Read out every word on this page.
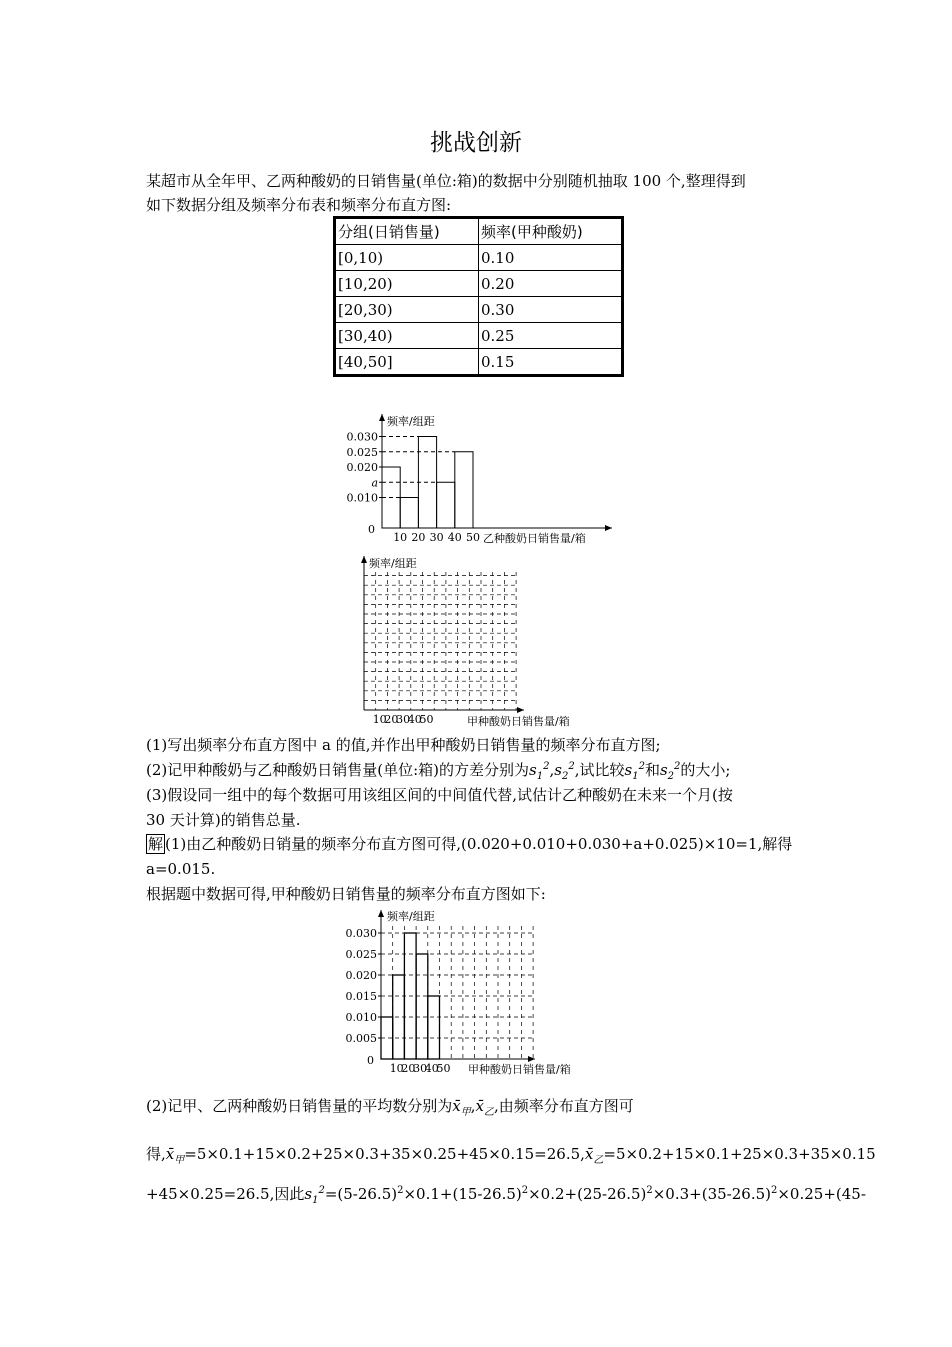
挑战创新
某超市从全年甲、乙两种酸奶的日销售量(单位:箱)的数据中分别随机抽取 100 个,整理得到
如下数据分组及频率分布表和频率分布直方图:
分组(日销售量)	频率(甲种酸奶)
[0,10)	0.10
[10,20)	0.20
[20,30)	0.30
[30,40)	0.25
[40,50]	0.15
频率/组距
0
0.030
0.025
0.020
a
0.010
10 20 30 40 50 乙种酸奶日销售量/箱
频率/组距
10
20
30
40
50	甲种酸奶日销售量/箱
(1)写出频率分布直方图中 a 的值,并作出甲种酸奶日销售量的频率分布直方图;
(2)记甲种酸奶与乙种酸奶日销售量(单位:箱)的方差分别为$s_1^2,s_2^2$,试比较$s_1^2$和$s_2^2$的大小;
(3)假设同一组中的每个数据可用该组区间的中间值代替,试估计乙种酸奶在未来一个月(按
30 天计算)的销售总量.
解 (1)由乙种酸奶日销量的频率分布直方图可得,(0.020+0.010+0.030+a+0.025)×10=1,解得
a=0.015.
根据题中数据可得,甲种酸奶日销售量的频率分布直方图如下:
频率/组距
0
0.030
0.025
0.020
0.015
0.010
0.005
10
20
30
40
50 甲种酸奶日销售量/箱
(2)记甲、乙两种酸奶日销售量的平均数分别为$x̄_甲,x̄_乙$,由频率分布直方图可
得$,x̄_甲=5\times 0.1+15\times 0.2+25\times 0.3+35\times 0.25+45\times 0.15=26.5,x̄_乙=5\times 0.2+15\times 0.1+25\times 0.3+35\times 0.15$
+45×0.25=26.5,因此$s_1^2=(5-26.5)^2\times 0.1+(15-26.5)^2\times 0.2+(25-26.5)^2\times 0.3+(35-26.5)^2\times 0.25+(45-$
